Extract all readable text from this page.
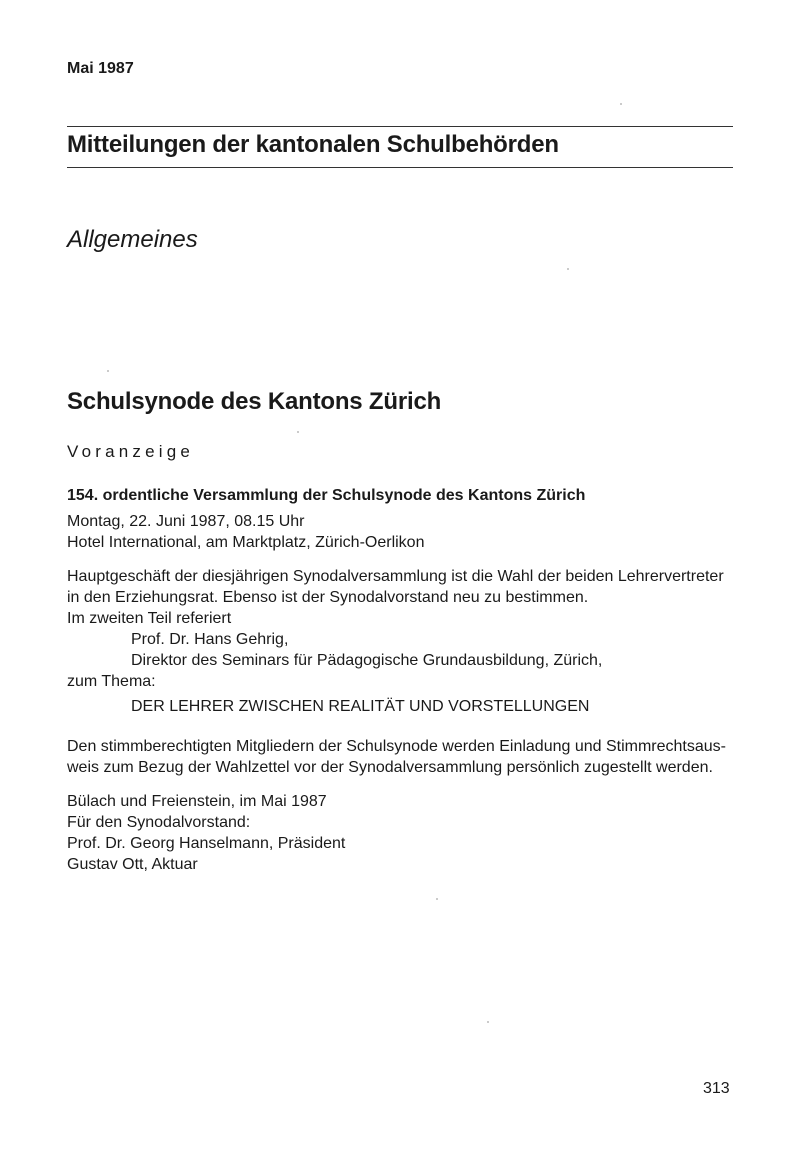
Mai 1987
Mitteilungen der kantonalen Schulbehörden
Allgemeines
Schulsynode des Kantons Zürich
Voranzeige
154. ordentliche Versammlung der Schulsynode des Kantons Zürich
Montag, 22. Juni 1987, 08.15 Uhr
Hotel International, am Marktplatz, Zürich-Oerlikon
Hauptgeschäft der diesjährigen Synodalversammlung ist die Wahl der beiden Lehrervertreter
in den Erziehungsrat. Ebenso ist der Synodalvorstand neu zu bestimmen.
Im zweiten Teil referiert
Prof. Dr. Hans Gehrig,
Direktor des Seminars für Pädagogische Grundausbildung, Zürich,
zum Thema:
DER LEHRER ZWISCHEN REALITÄT UND VORSTELLUNGEN
Den stimmberechtigten Mitgliedern der Schulsynode werden Einladung und Stimmrechtsaus-
weis zum Bezug der Wahlzettel vor der Synodalversammlung persönlich zugestellt werden.
Bülach und Freienstein, im Mai 1987
Für den Synodalvorstand:
Prof. Dr. Georg Hanselmann, Präsident
Gustav Ott, Aktuar
313
